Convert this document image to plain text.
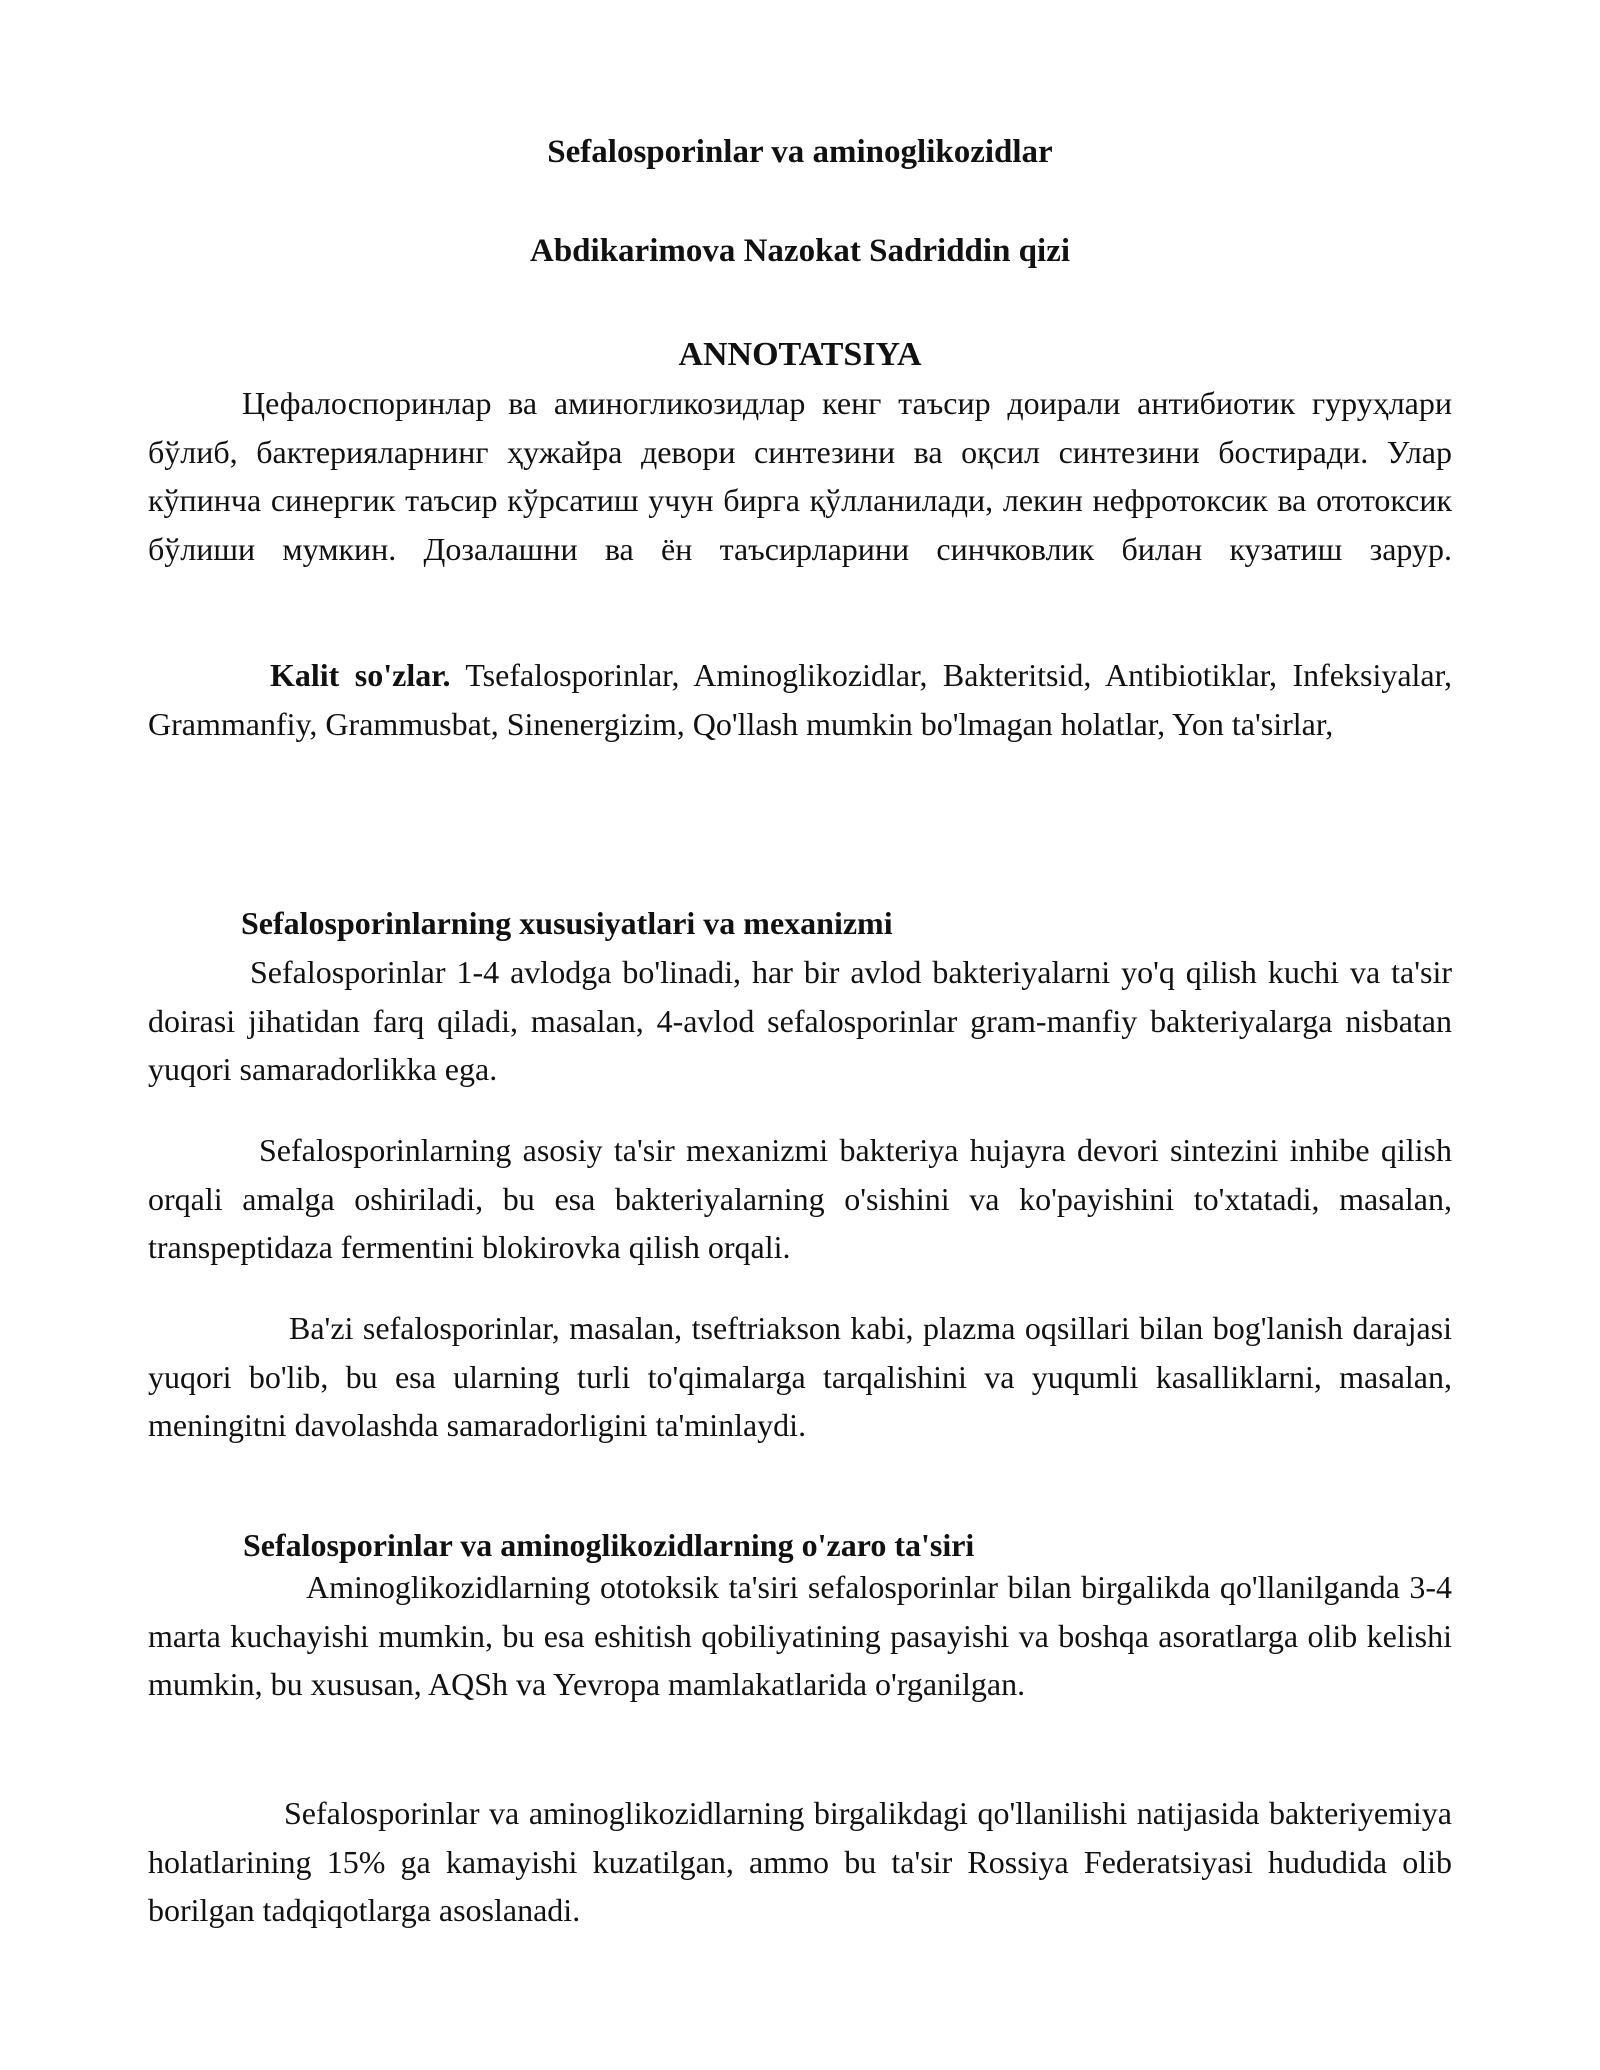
Sefalosporinlar va aminoglikozidlar
Abdikarimova Nazokat Sadriddin qizi
ANNOTATSIYA

Цефалоспоринлар ва аминогликозидлар кенг таъсир доирали антибиотик гуруҳлари бўлиб, бактерияларнинг ҳужайра девори синтезини ва оқсил синтезини бостиради. Улар кўпинча синергик таъсир кўрсатиш учун бирга қўлланилади, лекин нефротоксик ва ототоксик бўлиши мумкин. Дозалашни ва ён таъсирларини синчковлик билан кузатиш зарур.

Kalit so'zlar. Tsefalosporinlar, Aminoglikozidlar, Bakteritsid, Antibiotiklar, Infeksiyalar, Grammanfiy, Grammusbat, Sinenergizim, Qo'llash mumkin bo'lmagan holatlar, Yon ta'sirlar,

Sefalosporinlarning xususiyatlari va mexanizmi

Sefalosporinlar 1-4 avlodga bo'linadi, har bir avlod bakteriyalarni yo'q qilish kuchi va ta'sir doirasi jihatidan farq qiladi, masalan, 4-avlod sefalosporinlar gram-manfiy bakteriyalarga nisbatan yuqori samaradorlikka ega.

Sefalosporinlarning asosiy ta'sir mexanizmi bakteriya hujayra devori sintezini inhibe qilish orqali amalga oshiriladi, bu esa bakteriyalarning o'sishini va ko'payishini to'xtatadi, masalan, transpeptidaza fermentini blokirovka qilish orqali.

Ba'zi sefalosporinlar, masalan, tseftriakson kabi, plazma oqsillari bilan bog'lanish darajasi yuqori bo'lib, bu esa ularning turli to'qimalarga tarqalishini va yuqumli kasalliklarni, masalan, meningitni davolashda samaradorligini ta'minlaydi.

Sefalosporinlar va aminoglikozidlarning o'zaro ta'siri

Aminoglikozidlarning ototoksik ta'siri sefalosporinlar bilan birgalikda qo'llanilganda 3-4 marta kuchayishi mumkin, bu esa eshitish qobiliyatining pasayishi va boshqa asoratlarga olib kelishi mumkin, bu xususan, AQSh va Yevropa mamlakatlarida o'rganilgan.

Sefalosporinlar va aminoglikozidlarning birgalikdagi qo'llanilishi natijasida bakteriyemiya holatlarining 15% ga kamayishi kuzatilgan, ammo bu ta'sir Rossiya Federatsiyasi hududida olib borilgan tadqiqotlarga asoslanadi.
